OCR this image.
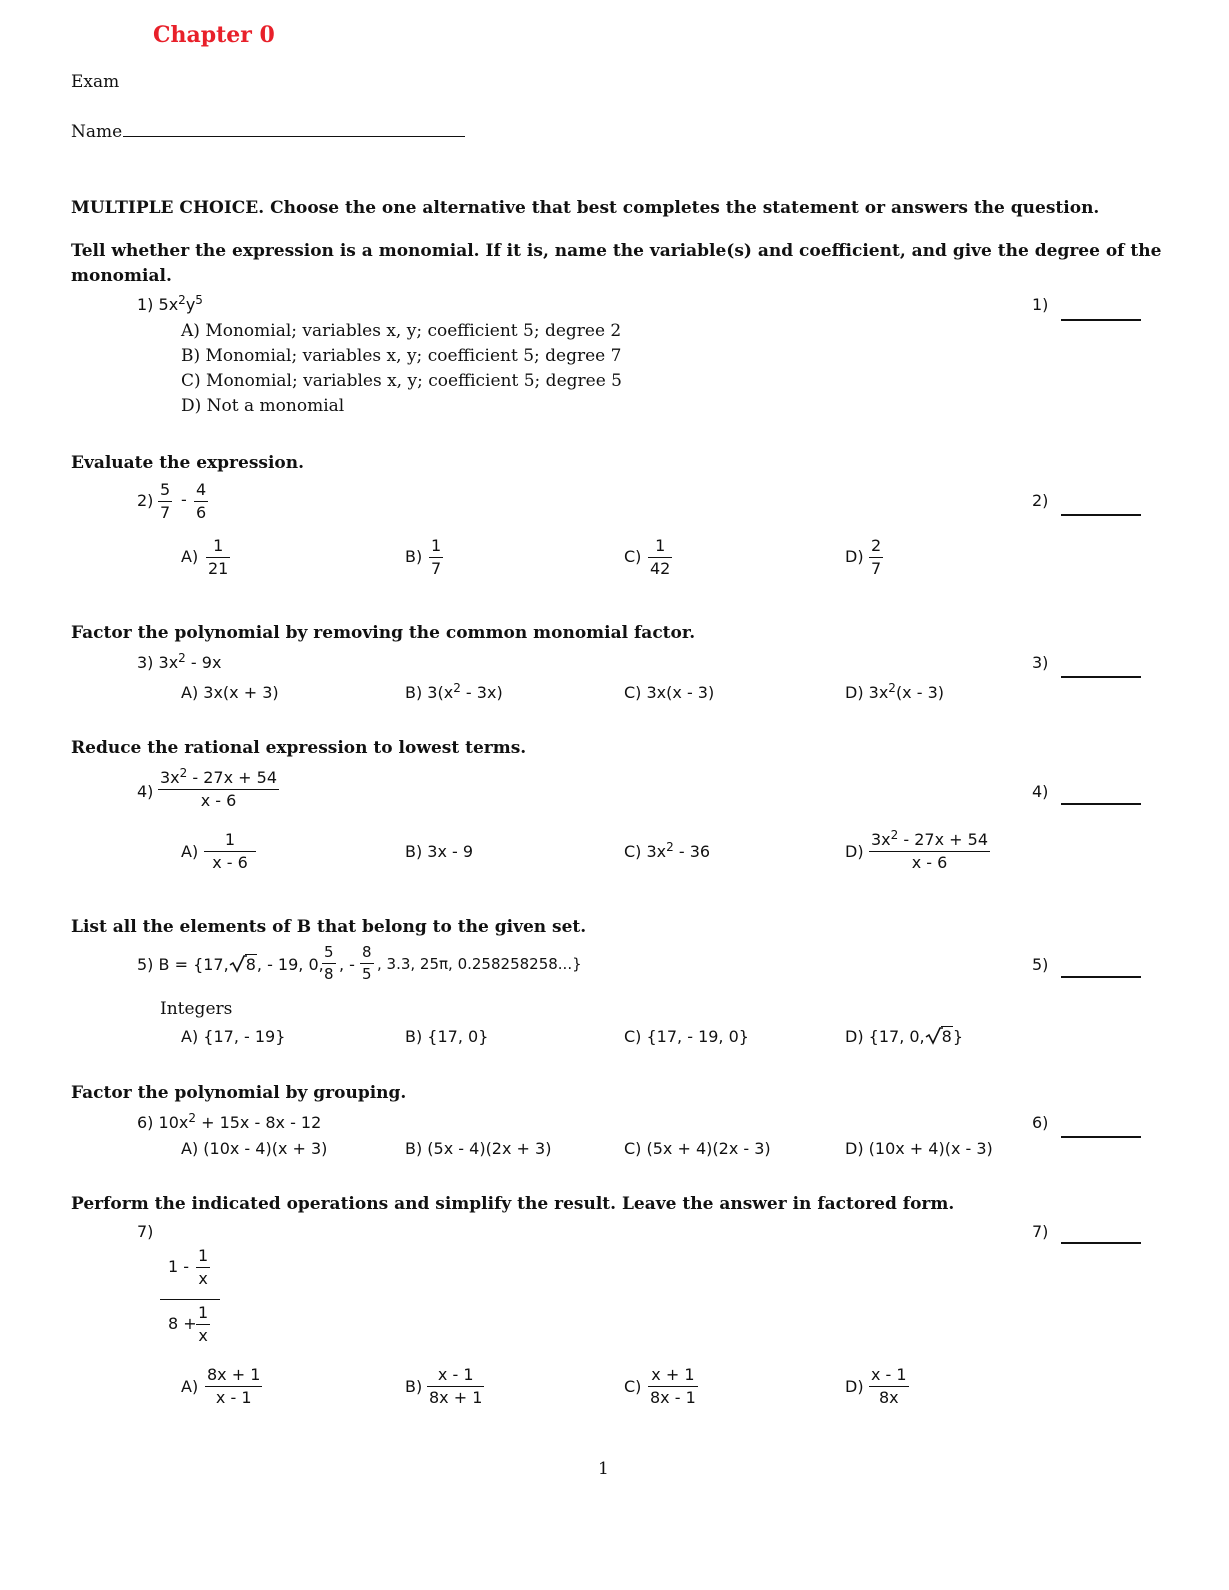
Chapter 0
Exam
Name
MULTIPLE CHOICE. Choose the one alternative that best completes the statement or answers the question.
Tell whether the expression is a monomial. If it is, name the variable(s) and coefficient, and give the degree of the
monomial.
1) $5x^2y^5$	1)
A) Monomial; variables x, y; coefficient 5; degree 2
B) Monomial; variables x, y; coefficient 5; degree 7
C) Monomial; variables x, y; coefficient 5; degree 5
D) Not a monomial
Evaluate the expression.
$2) \frac{5}{7} - \frac{4}{6}$	2)
$A) \frac{1}{21}$	$B) \frac{1}{7}$	$C) \frac{1}{42}$	$D) \frac{2}{7}$
Factor the polynomial by removing the common monomial factor.
3) $3x^2 - 9x$	3)
A) 3x(x + 3)	B) $3(x^2 - 3x)$	C) 3x(x - 3)	D) $3x^2(x - 3)$
Reduce the rational expression to lowest terms.
$4) \frac{3x^2 - 27x + 54}{x - 6}$	4)
$A) \frac{1}{x - 6}$	B) 3x - 9	C) $3x^2 - 36$	$D) \frac{3x^2 - 27x + 54}{x - 6}$
List all the elements of B that belong to the given set.
5) B = {17, 8, - 19, 0,
$\frac{5}{8}$ , - $\frac{8}{5}$ , 3.3, 25π, 0.258258258...}	5)
Integers
A) {17, - 19}	B) {17, 0}	C) {17, - 19, 0}	D) {17, 0, 8}
Factor the polynomial by grouping.
6) $10x^2 + 15x - 8x - 12$	6)
A) (10x - 4)(x + 3)	B) (5x - 4)(2x + 3)	C) (5x + 4)(2x - 3)	D) (10x + 4)(x - 3)
Perform the indicated operations and simplify the result. Leave the answer in factored form.
7)	7)
$1 - \frac{1}{x}$
$8 + \frac{1}{x}$
$A) \frac{8x + 1}{x - 1}$	$B) \frac{x - 1}{8x + 1}$	$C) \frac{x + 1}{8x - 1}$	$D) \frac{x - 1}{8x}$
1
